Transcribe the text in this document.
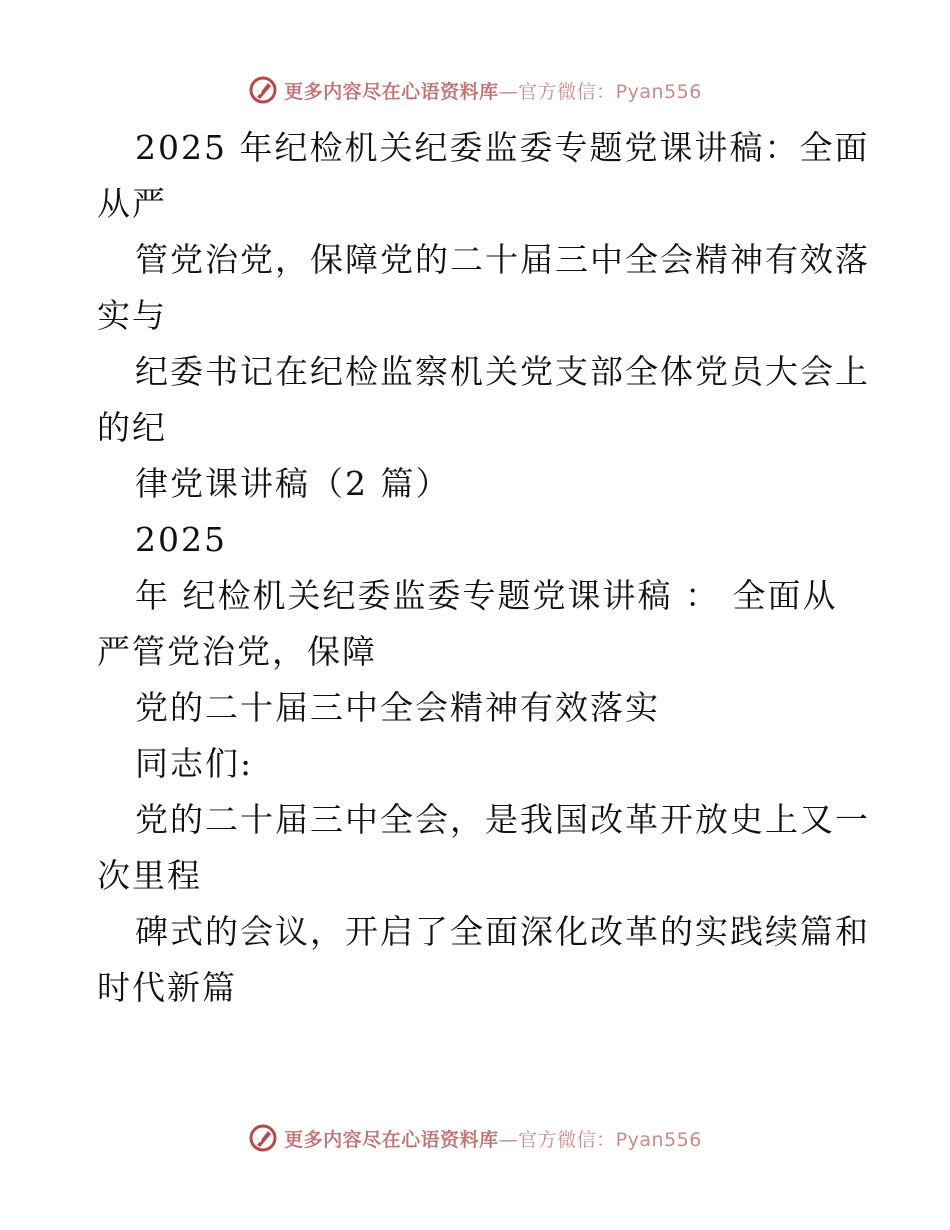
更多内容尽在心语资料库—官方微信：Pyan556
2025 年纪检机关纪委监委专题党课讲稿：全面
从严
管党治党，保障党的二十届三中全会精神有效落
实与
纪委书记在纪检监察机关党支部全体党员大会上
的纪
律党课讲稿（2 篇）
2025
年 纪检机关纪委监委专题党课讲稿 ： 全面从
严管党治党，保障
党的二十届三中全会精神有效落实
同志们:
党的二十届三中全会，是我国改革开放史上又一
次里程
碑式的会议，开启了全面深化改革的实践续篇和
时代新篇
更多内容尽在心语资料库—官方微信：Pyan556
